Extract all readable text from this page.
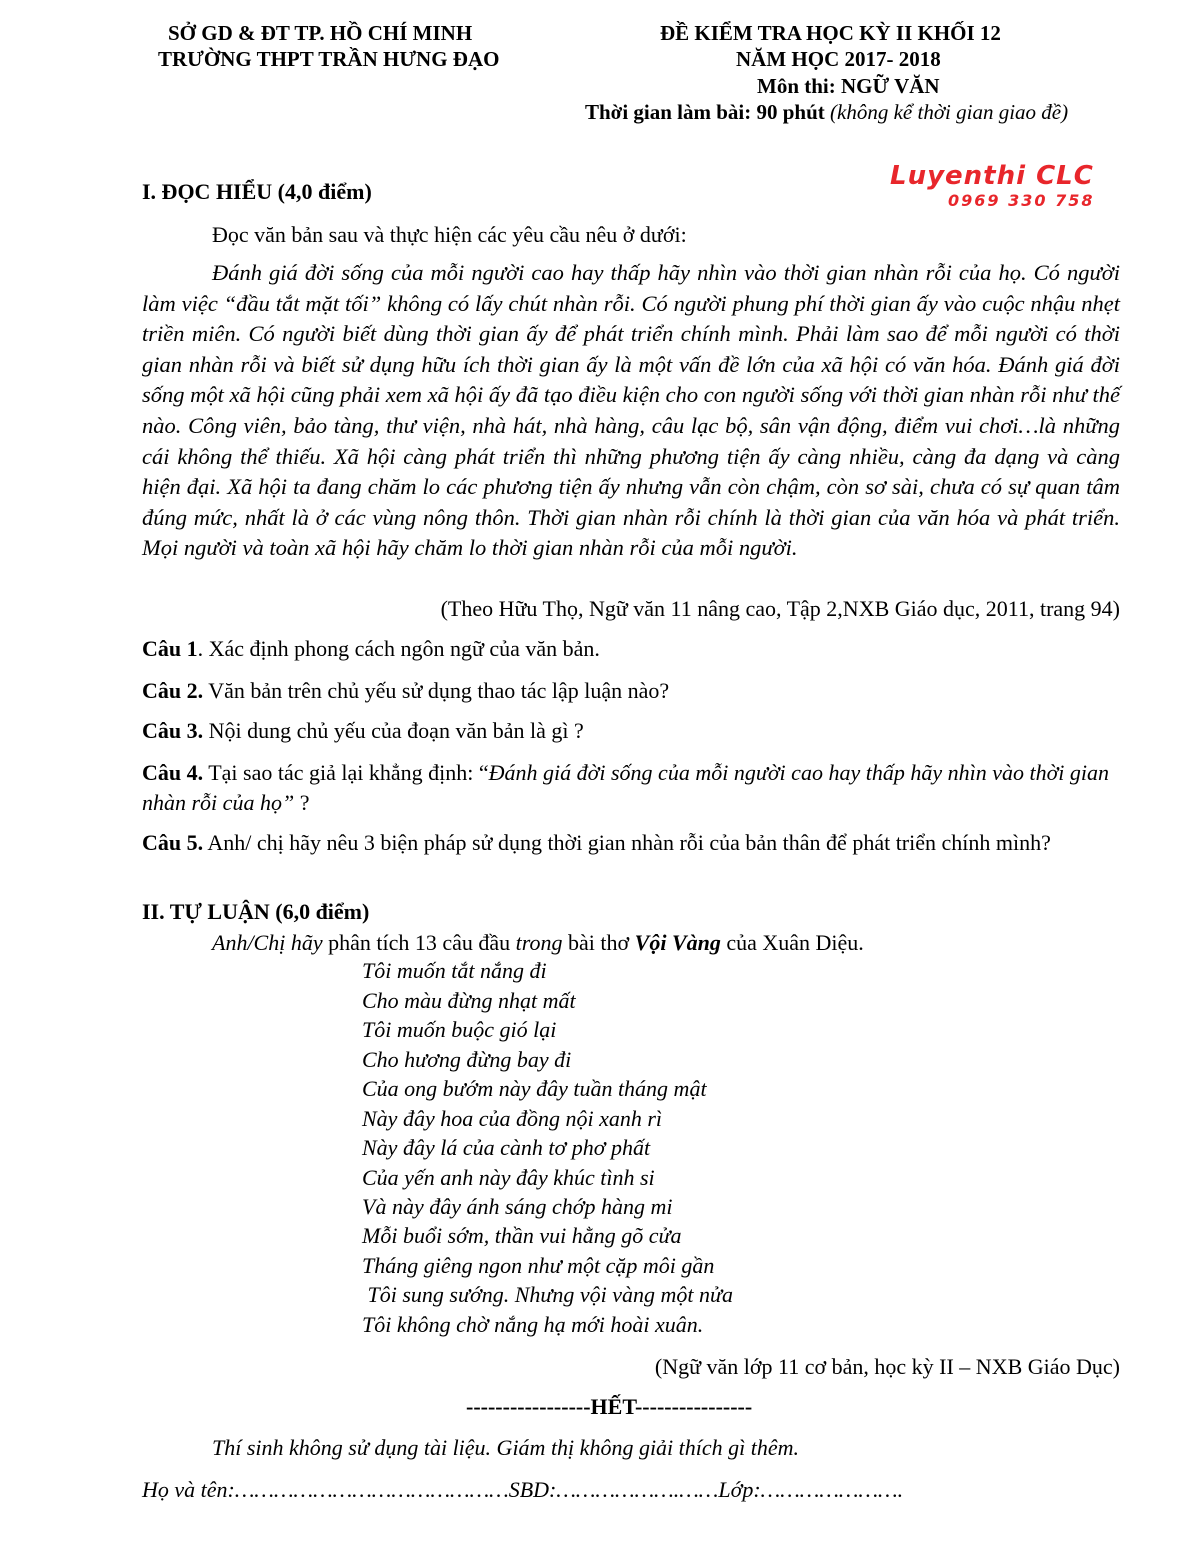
SỞ GD & ĐT TP. HỒ CHÍ MINH
TRƯỜNG THPT TRẦN HƯNG ĐẠO
ĐỀ KIỂM TRA HỌC KỲ II KHỐI 12
NĂM HỌC 2017- 2018
Môn thi: NGỮ VĂN
Thời gian làm bài: 90 phút (không kể thời gian giao đề)
Luyenthi CLC
0969 330 758
I. ĐỌC HIỂU (4,0 điểm)
Đọc văn bản sau và thực hiện các yêu cầu nêu ở dưới:
Đánh giá đời sống của mỗi người cao hay thấp hãy nhìn vào thời gian nhàn rỗi của họ. Có người làm việc “đầu tắt mặt tối” không có lấy chút nhàn rỗi. Có người phung phí thời gian ấy vào cuộc nhậu nhẹt triền miên. Có người biết dùng thời gian ấy để phát triển chính mình. Phải làm sao để mỗi người có thời gian nhàn rỗi và biết sử dụng hữu ích thời gian ấy là một vấn đề lớn của xã hội có văn hóa. Đánh giá đời sống một xã hội cũng phải xem xã hội ấy đã tạo điều kiện cho con người sống với thời gian nhàn rỗi như thế nào. Công viên, bảo tàng, thư viện, nhà hát, nhà hàng, câu lạc bộ, sân vận động, điểm vui chơi…là những cái không thể thiếu. Xã hội càng phát triển thì những phương tiện ấy càng nhiều, càng đa dạng và càng hiện đại. Xã hội ta đang chăm lo các phương tiện ấy nhưng vẫn còn chậm, còn sơ sài, chưa có sự quan tâm đúng mức, nhất là ở các vùng nông thôn. Thời gian nhàn rỗi chính là thời gian của văn hóa và phát triển. Mọi người và toàn xã hội hãy chăm lo thời gian nhàn rỗi của mỗi người.
(Theo Hữu Thọ, Ngữ văn 11 nâng cao, Tập 2,NXB Giáo dục, 2011, trang 94)
Câu 1. Xác định phong cách ngôn ngữ của văn bản.
Câu 2. Văn bản trên chủ yếu sử dụng thao tác lập luận nào?
Câu 3. Nội dung chủ yếu của đoạn văn bản là gì ?
Câu 4. Tại sao tác giả lại khẳng định: “Đánh giá đời sống của mỗi người cao hay thấp hãy nhìn vào thời gian nhàn rỗi của họ” ?
Câu 5. Anh/ chị hãy nêu 3 biện pháp sử dụng thời gian nhàn rỗi của bản thân để phát triển chính mình?
II. TỰ LUẬN (6,0 điểm)
Anh/Chị hãy phân tích 13 câu đầu trong bài thơ Vội Vàng của Xuân Diệu.
Tôi muốn tắt nắng đi
Cho màu đừng nhạt mất
Tôi muốn buộc gió lại
Cho hương đừng bay đi
Của ong bướm này đây tuần tháng mật
Này đây hoa của đồng nội xanh rì
Này đây lá của cành tơ phơ phất
Của yến anh này đây khúc tình si
Và này đây ánh sáng chớp hàng mi
Mỗi buổi sớm, thần vui hằng gõ cửa
Tháng giêng ngon như một cặp môi gần
Tôi sung sướng. Nhưng vội vàng một nửa
Tôi không chờ nắng hạ mới hoài xuân.
(Ngữ văn lớp 11 cơ bản, học kỳ II – NXB Giáo Dục)
-----------------HẾT----------------
Thí sinh không sử dụng tài liệu. Giám thị không giải thích gì thêm.
Họ và tên:……………………………………SBD:……………….……Lớp:………………….
